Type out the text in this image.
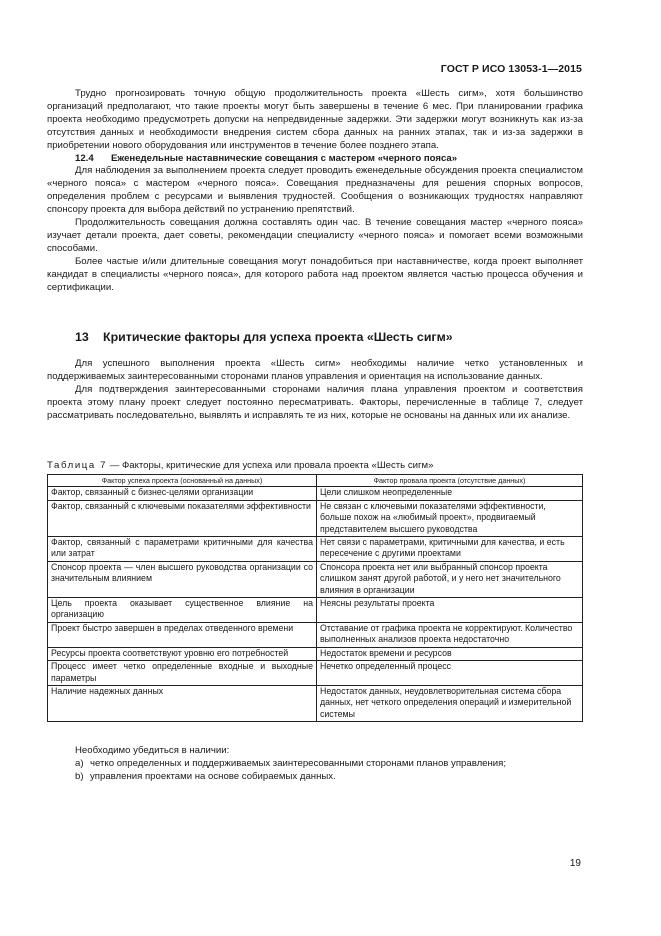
ГОСТ Р ИСО 13053-1—2015

Трудно прогнозировать точную общую продолжительность проекта «Шесть сигм», хотя большинство организаций предполагают, что такие проекты могут быть завершены в течение 6 мес. При планировании графика проекта необходимо предусмотреть допуски на непредвиденные задержки. Эти задержки могут возникнуть как из-за отсутствия данных и необходимости внедрения систем сбора данных на ранних этапах, так и из-за задержки в приобретении нового оборудования или инструментов в течение более позднего этапа.

12.4 Еженедельные наставнические совещания с мастером «черного пояса»

Для наблюдения за выполнением проекта следует проводить еженедельные обсуждения проекта специалистом «черного пояса» с мастером «черного пояса». Совещания предназначены для решения спорных вопросов, определения проблем с ресурсами и выявления трудностей. Сообщения о возникающих трудностях направляют спонсору проекта для выбора действий по устранению препятствий.

Продолжительность совещания должна составлять один час. В течение совещания мастер «черного пояса» изучает детали проекта, дает советы, рекомендации специалисту «черного пояса» и помогает всеми возможными способами.

Более частые и/или длительные совещания могут понадобиться при наставничестве, когда проект выполняет кандидат в специалисты «черного пояса», для которого работа над проектом является частью процесса обучения и сертификации.

13 Критические факторы для успеха проекта «Шесть сигм»

Для успешного выполнения проекта «Шесть сигм» необходимы наличие четко установленных и поддерживаемых заинтересованными сторонами планов управления и ориентация на использование данных.

Для подтверждения заинтересованными сторонами наличия плана управления проектом и соответствия проекта этому плану проект следует постоянно пересматривать. Факторы, перечисленные в таблице 7, следует рассматривать последовательно, выявлять и исправлять те из них, которые не основаны на данных или их анализе.

Таблица 7 — Факторы, критические для успеха или провала проекта «Шесть сигм»
Фактор успеха проекта (основанный на данных)	Фактор провала проекта (отсутствие данных)
Фактор, связанный с бизнес-целями организации	Цели слишком неопределенные
Фактор, связанный с ключевыми показателями эффективности	Не связан с ключевыми показателями эффективности, больше похож на «любимый проект», продвигаемый представителем высшего руководства
Фактор, связанный с параметрами критичными для качества или затрат	Нет связи с параметрами, критичными для качества, и есть пересечение с другими проектами
Спонсор проекта — член высшего руководства организации со значительным влиянием	Спонсора проекта нет или выбранный спонсор проекта слишком занят другой работой, и у него нет значительного влияния в организации
Цель проекта оказывает существенное влияние на организацию	Неясны результаты проекта
Проект быстро завершен в пределах отведенного времени	Отставание от графика проекта не корректируют. Количество выполненных анализов проекта недостаточно
Ресурсы проекта соответствуют уровню его потребностей	Недостаток времени и ресурсов
Процесс имеет четко определенные входные и выходные параметры	Нечетко определенный процесс
Наличие надежных данных	Недостаток данных, неудовлетворительная система сбора данных, нет четкого определения операций и измерительной системы

Необходимо убедиться в наличии:

а) четко определенных и поддерживаемых заинтересованными сторонами планов управления;

b) управления проектами на основе собираемых данных.

19
